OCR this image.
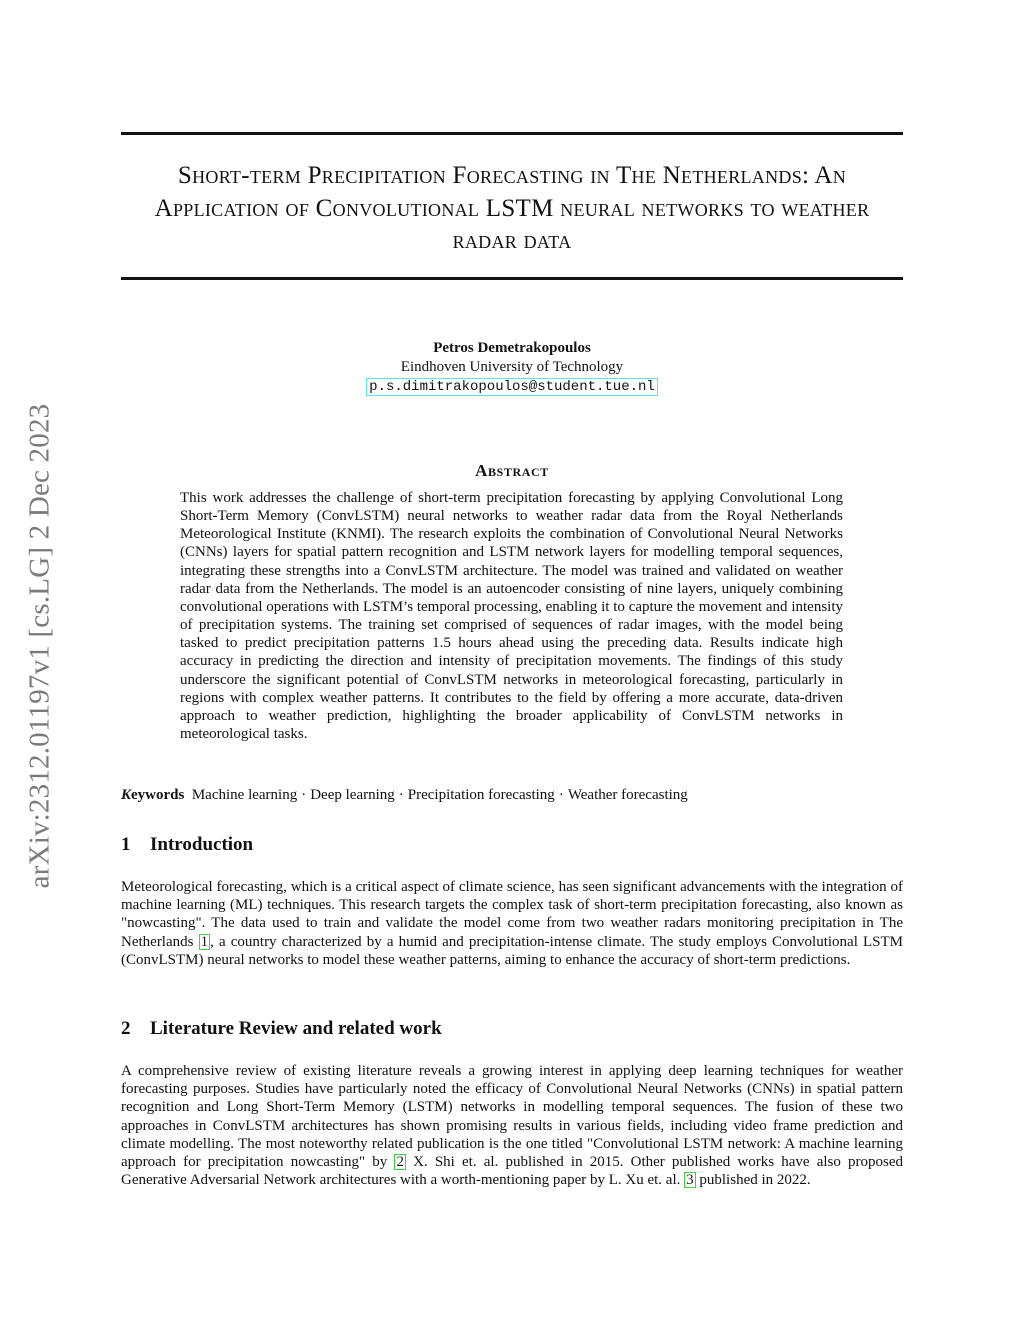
arXiv:2312.01197v1 [cs.LG] 2 Dec 2023
Short-term Precipitation Forecasting in The Netherlands: An Application of Convolutional LSTM neural networks to weather radar data
Petros Demetrakopoulos
Eindhoven University of Technology
p.s.dimitrakopoulos@student.tue.nl
Abstract

This work addresses the challenge of short-term precipitation forecasting by applying Convolutional Long Short-Term Memory (ConvLSTM) neural networks to weather radar data from the Royal Netherlands Meteorological Institute (KNMI). The research exploits the combination of Convolutional Neural Networks (CNNs) layers for spatial pattern recognition and LSTM network layers for modelling temporal sequences, integrating these strengths into a ConvLSTM architecture. The model was trained and validated on weather radar data from the Netherlands. The model is an autoencoder consisting of nine layers, uniquely combining convolutional operations with LSTM’s temporal processing, enabling it to capture the movement and intensity of precipitation systems. The training set comprised of sequences of radar images, with the model being tasked to predict precipitation patterns 1.5 hours ahead using the preceding data. Results indicate high accuracy in predicting the direction and intensity of precipitation movements. The findings of this study underscore the significant potential of ConvLSTM networks in meteorological forecasting, particularly in regions with complex weather patterns. It contributes to the field by offering a more accurate, data-driven approach to weather prediction, highlighting the broader applicability of ConvLSTM networks in meteorological tasks.

Keywords Machine learning · Deep learning · Precipitation forecasting · Weather forecasting

1 Introduction

Meteorological forecasting, which is a critical aspect of climate science, has seen significant advancements with the integration of machine learning (ML) techniques. This research targets the complex task of short-term precipitation forecasting, also known as "nowcasting". The data used to train and validate the model come from two weather radars monitoring precipitation in The Netherlands 1 , a country characterized by a humid and precipitation-intense climate. The study employs Convolutional LSTM (ConvLSTM) neural networks to model these weather patterns, aiming to enhance the accuracy of short-term predictions.

2 Literature Review and related work

A comprehensive review of existing literature reveals a growing interest in applying deep learning techniques for weather forecasting purposes. Studies have particularly noted the efficacy of Convolutional Neural Networks (CNNs) in spatial pattern recognition and Long Short-Term Memory (LSTM) networks in modelling temporal sequences. The fusion of these two approaches in ConvLSTM architectures has shown promising results in various fields, including video frame prediction and climate modelling. The most noteworthy related publication is the one titled "Convolutional LSTM network: A machine learning approach for precipitation nowcasting" by 2 X. Shi et. al. published in 2015. Other published works have also proposed Generative Adversarial Network architectures with a worth-mentioning paper by L. Xu et. al. 3 published in 2022.
